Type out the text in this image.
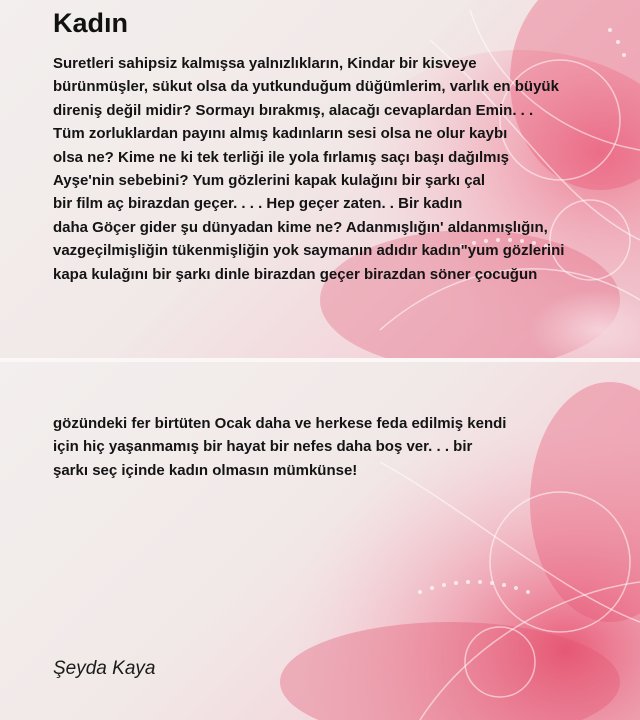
Kadın
Suretleri sahipsiz kalmışsa yalnızlıkların, Kindar bir kisveye
bürünmüşler, sükut olsa da yutkunduğum düğümlerim, varlık en büyük
direniş değil midir? Sormayı bırakmış, alacağı cevaplardan Emin. . .
Tüm zorluklardan payını almış kadınların sesi olsa ne olur kaybı
olsa ne? Kime ne ki tek terliği ile yola fırlamış saçı başı dağılmış
Ayşe'nin sebebini? Yum gözlerini kapak kulağını bir şarkı çal
bir film aç birazdan geçer. . . . Hep geçer zaten. . Bir kadın
daha Göçer gider şu dünyadan kime ne? Adanmışlığın' aldanmışlığın,
vazgeçilmişliğin tükenmişliğin yok saymanın adıdır kadın"yum gözlerini
kapa kulağını bir şarkı dinle birazdan geçer birazdan söner çocuğun
gözündeki fer birtüten Ocak daha ve herkese feda edilmiş kendi
için hiç yaşanmamış bir hayat bir nefes daha boş ver. . . bir
şarkı seç içinde kadın olmasın mümkünse!
Şeyda Kaya
